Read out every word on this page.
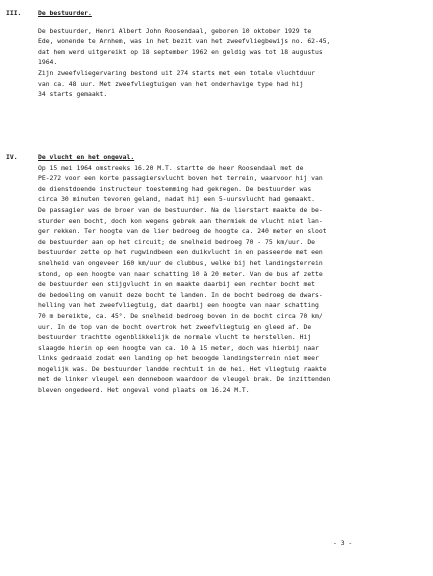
III.	De bestuurder.
De bestuurder, Henri Albert John Roosendaal, geboren 10 oktober 1929 te
Ede, wonende te Arnhem, was in het bezit van het zweefvliegbewijs no. 62-45,
dat hem werd uitgereikt op 18 september 1962 en geldig was tot 18 augustus
1964.
Zijn zweefvliegervaring bestond uit 274 starts met een totale vluchtduur
van ca. 48 uur. Met zweefvliegtuigen van het onderhavige type had hij
34 starts gemaakt.
IV.	De vlucht en het ongeval.
Op 15 mei 1964 omstreeks 16.20 M.T. startte de heer Roosendaal met de
PE-272 voor een korte passagiersvlucht boven het terrein, waarvoor hij van
de dienstdoende instructeur toestemming had gekregen. De bestuurder was
circa 30 minuten tevoren geland, nadat hij een 5-uursvlucht had gemaakt.
De passagier was de broer van de bestuurder. Na de lierstart maakte de be-
sturder een bocht, doch kon wegens gebrek aan thermiek de vlucht niet lan-
ger rekken. Ter hoogte van de lier bedroeg de hoogte ca. 240 meter en sloot
de bestuurder aan op het circuit; de snelheid bedroeg 70 - 75 km/uur. De
bestuurder zette op het rugwindbeen een duikvlucht in en passeerde met een
snelheid van ongeveer 160 km/uur de clubbus, welke bij het landingsterrein
stond, op een hoogte van naar schatting 10 à 20 meter. Van de bus af zette
de bestuurder een stijgvlucht in en maakte daarbij een rechter bocht met
de bedoeling om vanuit deze bocht te landen. In de bocht bedroeg de dwars-
helling van het zweefvliegtuig, dat daarbij een hoogte van naar schatting
70 m bereikte, ca. 45°. De snelheid bedroeg boven in de bocht circa 70 km/
uur. In de top van de bocht overtrok het zweefvliegtuig en gleed af. De
bestuurder trachtte ogenblikkelijk de normale vlucht te herstellen. Hij
slaagde hierin op een hoogte van ca. 10 à 15 meter, doch was hierbij naar
links gedraaid zodat een landing op het beoogde landingsterrein niet meer
mogelijk was. De bestuurder landde rechtuit in de hei. Het vliegtuig raakte
met de linker vleugel een denneboom waardoor de vleugel brak. De inzittenden
bleven ongedeerd. Het ongeval vond plaats om 16.24 M.T.
- 3 -
